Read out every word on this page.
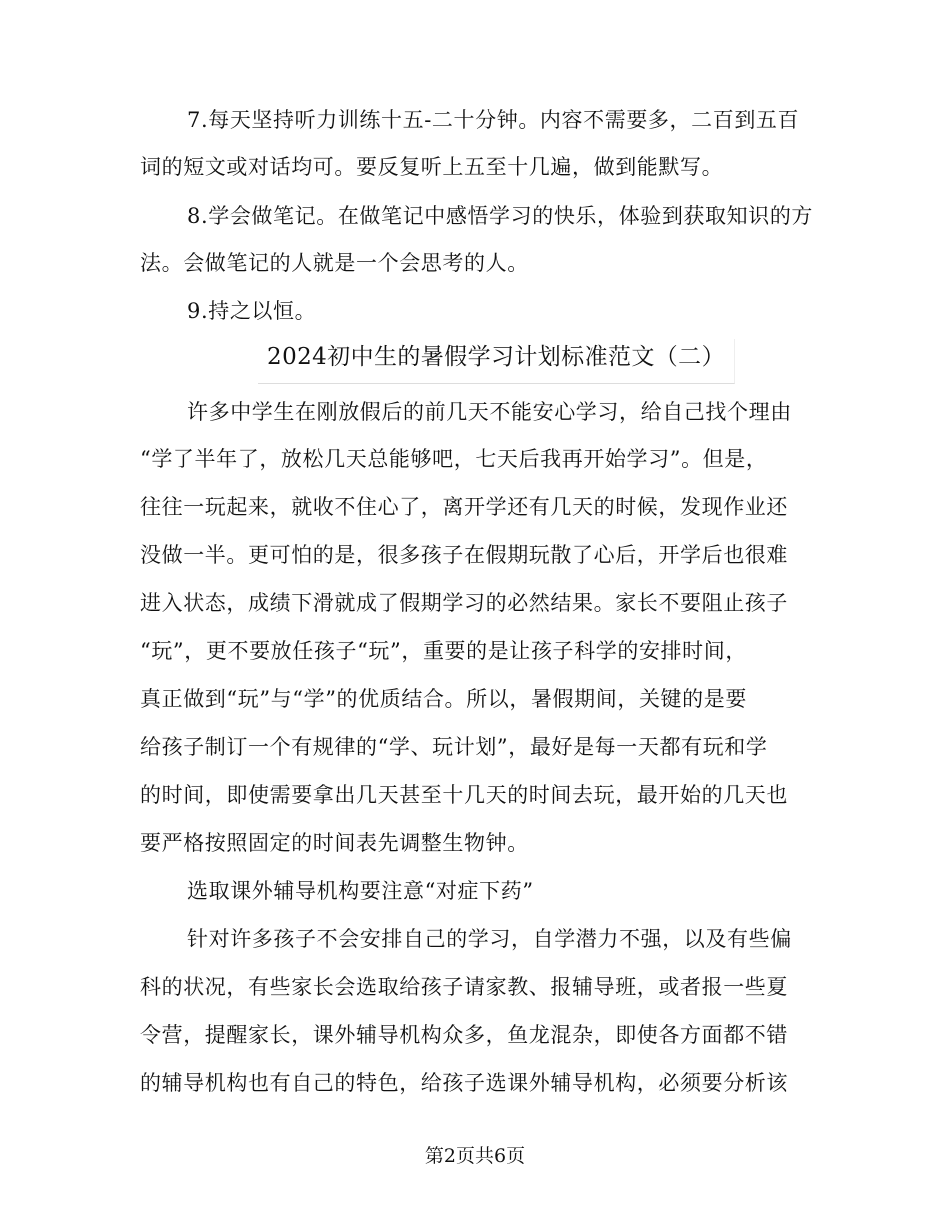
7.每天坚持听力训练十五-二十分钟。内容不需要多，二百到五百
词的短文或对话均可。要反复听上五至十几遍，做到能默写。
8.学会做笔记。在做笔记中感悟学习的快乐，体验到获取知识的方
法。会做笔记的人就是一个会思考的人。
9.持之以恒。
2024初中生的暑假学习计划标准范文（二）
许多中学生在刚放假后的前几天不能安心学习，给自己找个理由
“学了半年了，放松几天总能够吧，七天后我再开始学习”。但是，
往往一玩起来，就收不住心了，离开学还有几天的时候，发现作业还
没做一半。更可怕的是，很多孩子在假期玩散了心后，开学后也很难
进入状态，成绩下滑就成了假期学习的必然结果。家长不要阻止孩子
“玩”，更不要放任孩子“玩”，重要的是让孩子科学的安排时间，
真正做到“玩”与“学”的优质结合。所以，暑假期间，关键的是要
给孩子制订一个有规律的“学、玩计划”，最好是每一天都有玩和学
的时间，即使需要拿出几天甚至十几天的时间去玩，最开始的几天也
要严格按照固定的时间表先调整生物钟。
选取课外辅导机构要注意“对症下药”
针对许多孩子不会安排自己的学习，自学潜力不强，以及有些偏
科的状况，有些家长会选取给孩子请家教、报辅导班，或者报一些夏
令营，提醒家长，课外辅导机构众多，鱼龙混杂，即使各方面都不错
的辅导机构也有自己的特色，给孩子选课外辅导机构，必须要分析该
第2页共6页
